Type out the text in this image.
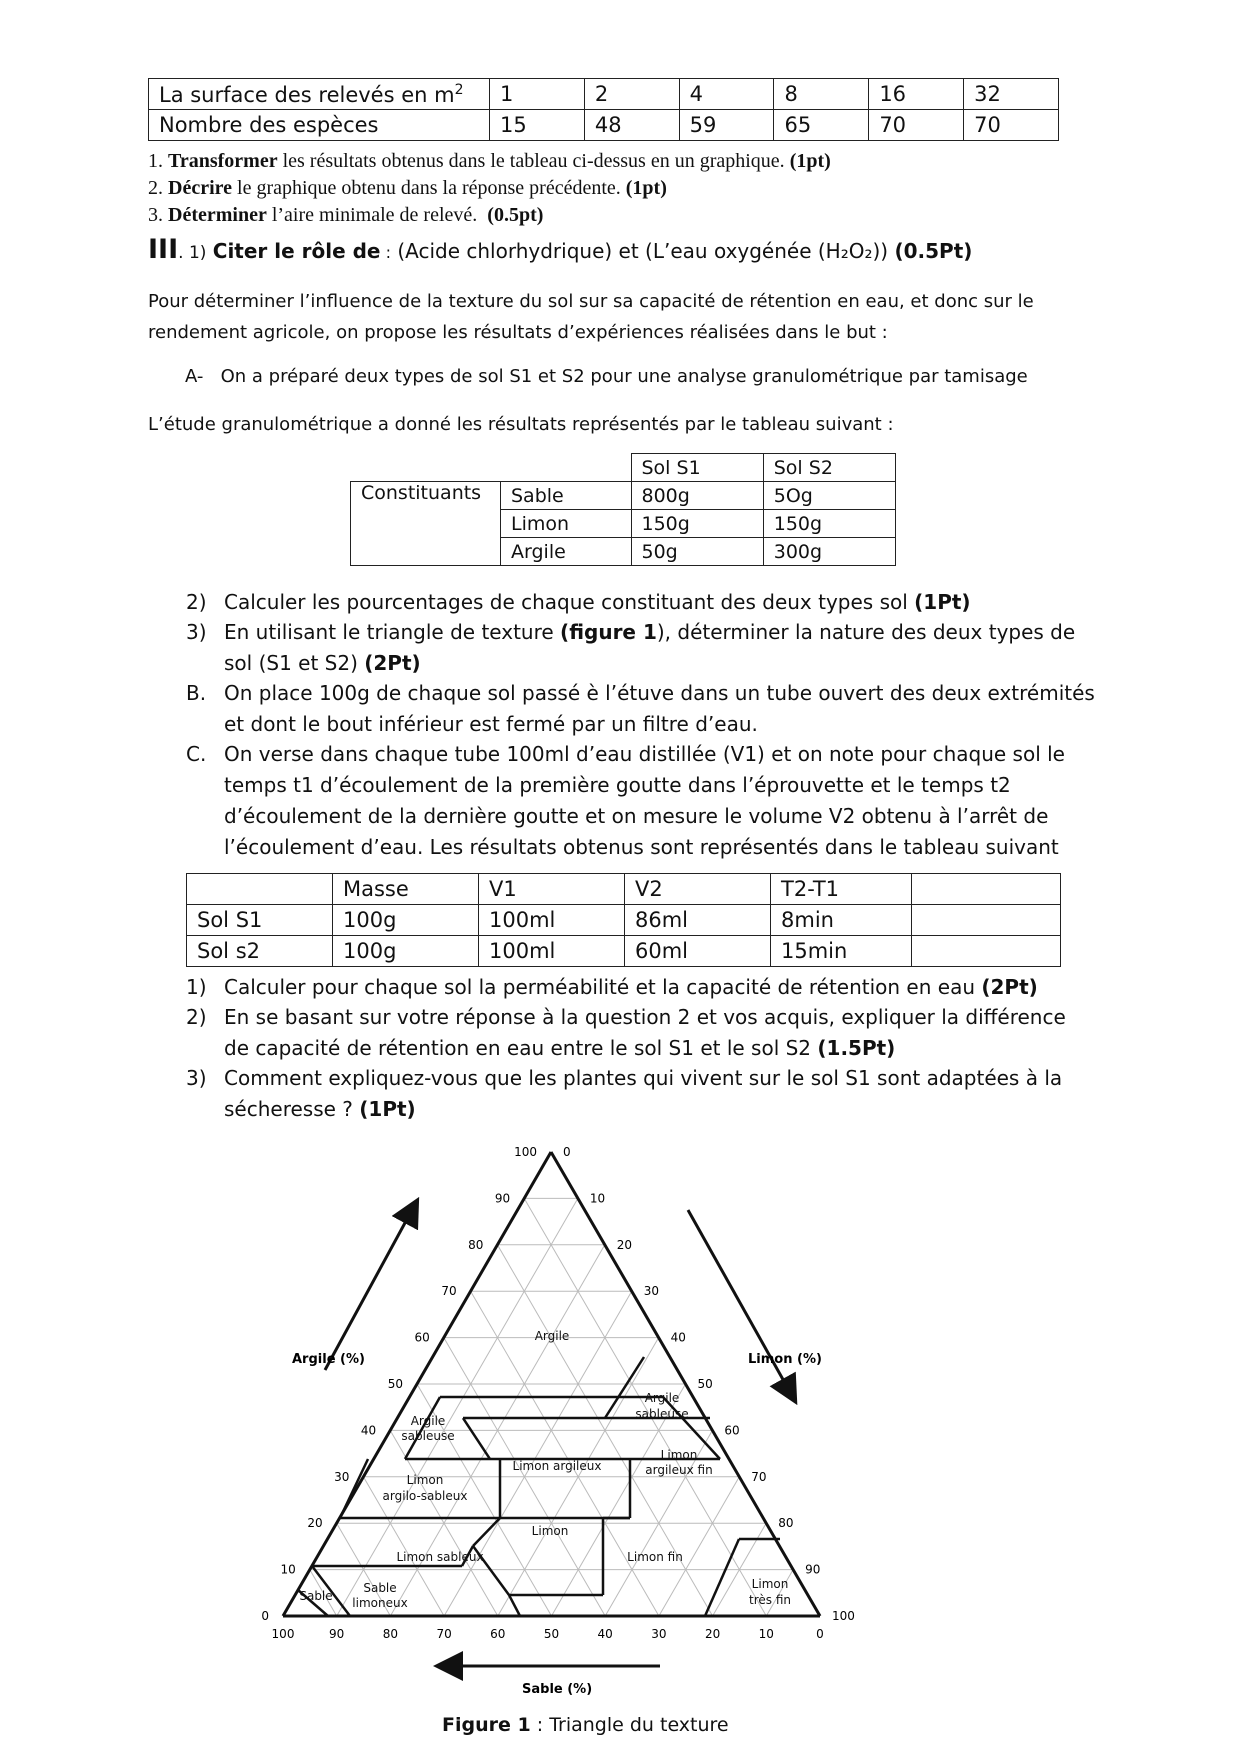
La surface des relevés en $m^2$	1	2	4	8	16	32
Nombre des espèces	15	48	59	65	70	70
1. Transformer les résultats obtenus dans le tableau ci-dessus en un graphique. (1pt)
2. Décrire le graphique obtenu dans la réponse précédente. (1pt)
3. Déterminer l’aire minimale de relevé. (0.5pt)
III. 1) Citer le rôle de : (Acide chlorhydrique) et (L’eau oxygénée (H₂O₂)) (0.5Pt)
Pour déterminer l’influence de la texture du sol sur sa capacité de rétention en eau, et donc sur le
rendement agricole, on propose les résultats d’expériences réalisées dans le but :
A- On a préparé deux types de sol S1 et S2 pour une analyse granulométrique par tamisage
L’étude granulométrique a donné les résultats représentés par le tableau suivant :
		Sol S1	Sol S2
Constituants	Sable	800g	5Og
	Limon	150g	150g
	Argile	50g	300g
2) Calculer les pourcentages de chaque constituant des deux types sol (1Pt)
3) En utilisant le triangle de texture (figure 1), déterminer la nature des deux types de
sol (S1 et S2) (2Pt)
B. On place 100g de chaque sol passé è l’étuve dans un tube ouvert des deux extrémités
et dont le bout inférieur est fermé par un filtre d’eau.
C. On verse dans chaque tube 100ml d’eau distillée (V1) et on note pour chaque sol le
temps t1 d’écoulement de la première goutte dans l’éprouvette et le temps t2
d’écoulement de la dernière goutte et on mesure le volume V2 obtenu à l’arrêt de
l’écoulement d’eau. Les résultats obtenus sont représentés dans le tableau suivant
	Masse	V1	V2	T2-T1	
Sol S1	100g	100ml	86ml	8min	
Sol s2	100g	100ml	60ml	15min	
1) Calculer pour chaque sol la perméabilité et la capacité de rétention en eau (2Pt)
2) En se basant sur votre réponse à la question 2 et vos acquis, expliquer la différence
de capacité de rétention en eau entre le sol S1 et le sol S2 (1.5Pt)
3) Comment expliquez-vous que les plantes qui vivent sur le sol S1 sont adaptées à la
sécheresse ? (1Pt)
100 0
100
90	10
90
80	20
80
70	30
70
60	40
60
50	50
50
40	60
40
30	70
30
20	80
20
10	90
10
0	100
0
Argile (%)	Limon (%)
Sable (%)
Argile
Argile
sableuse
Argile
sableuse
Limon argileux
Limon
argileux fin
Limon
argilo-sableux
Limon
Limon sableux	Limon fin
Sable
Sable
limoneux
Limon
très fin
Figure 1 : Triangle du texture
